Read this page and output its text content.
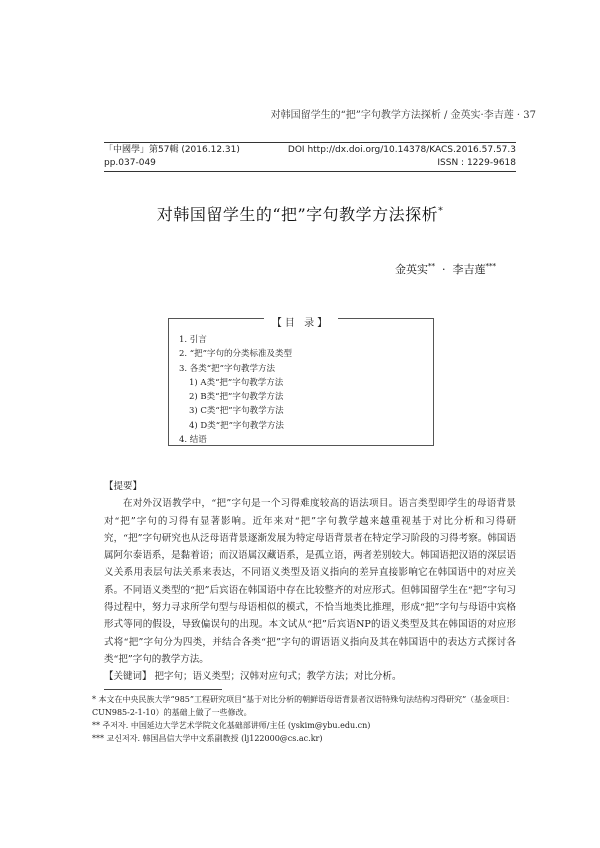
对韩国留学生的“把”字句教学方法探析 / 金英实·李吉莲 · 37
「中國學」第57輯 (2016.12.31)	DOI http://dx.doi.org/10.14378/KACS.2016.57.57.3
pp.037-049	ISSN : 1229-9618
对韩国留学生的“把”字句教学方法探析*
金英实** · 李吉莲***
【目 录】
1. 引言
2. “把”字句的分类标准及类型
3. 各类“把”字句教学方法
1) A类“把”字句教学方法
2) B类“把”字句教学方法
3) C类“把”字句教学方法
4) D类“把”字句教学方法
4. 结语
【提要】

在对外汉语教学中，“把”字句是一个习得难度较高的语法项目。语言类型即学生的母语背景对“把”字句的习得有显著影响。近年来对“把”字句教学越来越重视基于对比分析和习得研究，“把”字句研究也从泛母语背景逐渐发展为特定母语背景者在特定学习阶段的习得考察。韩国语属阿尔泰语系，是黏着语；而汉语属汉藏语系，是孤立语，两者差别较大。韩国语把汉语的深层语义关系用表层句法关系来表达，不同语义类型及语义指向的差异直接影响它在韩国语中的对应关系。不同语义类型的“把”后宾语在韩国语中存在比较整齐的对应形式。但韩国留学生在“把”字句习得过程中，努力寻求所学句型与母语相似的模式，不恰当地类比推理，形成“把”字句与母语中宾格形式等同的假设，导致偏误句的出现。本文试从“把”后宾语NP的语义类型及其在韩国语的对应形式将“把”字句分为四类，并结合各类“把”字句的谓语语义指向及其在韩国语中的表达方式探讨各类“把”字句的教学方法。

【关键词】 把字句；语义类型；汉韩对应句式；教学方法；对比分析。
* 本文在中央民族大学“985”工程研究项目“基于对比分析的朝鲜语母语背景者汉语特殊句法结构习得研究”（基金项目：CUN985-2-1-10）的基础上做了一些修改。
** 주저자. 中国延边大学艺术学院文化基础部讲师/主任 (yskim@ybu.edu.cn)
*** 교신저자. 韩国昌信大学中文系副教授 (lj122000@cs.ac.kr)
